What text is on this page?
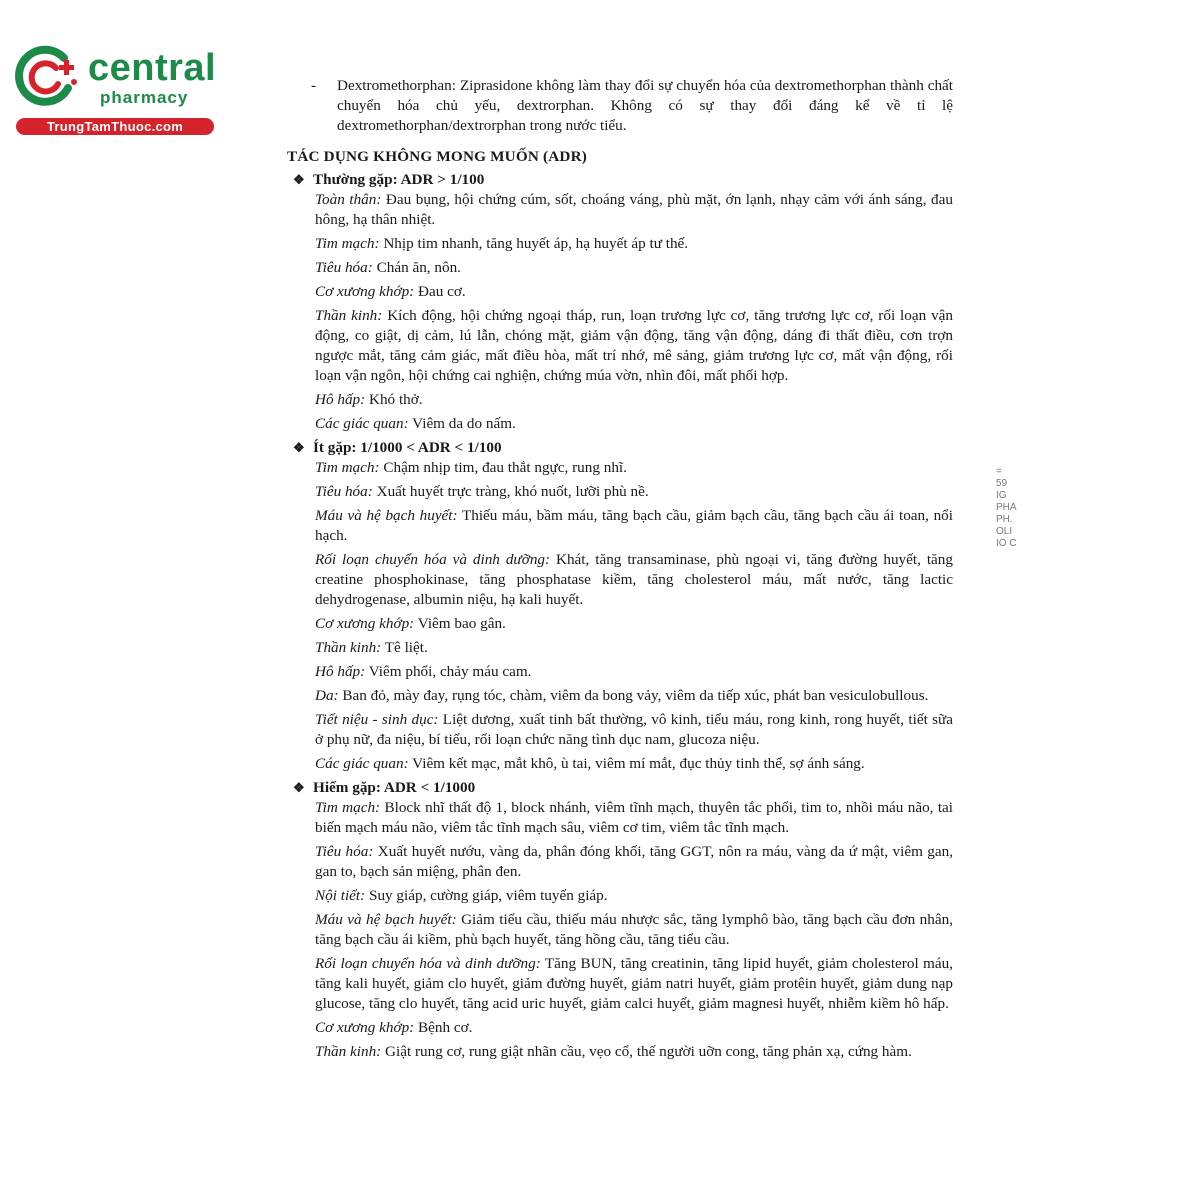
central
pharmacy
TrungTamThuoc.com
- Dextromethorphan: Ziprasidone không làm thay đổi sự chuyển hóa của dextromethorphan thành chất chuyển hóa chủ yếu, dextrorphan. Không có sự thay đổi đáng kể về tỉ lệ dextromethorphan/dextrorphan trong nước tiểu.
TÁC DỤNG KHÔNG MONG MUỐN (ADR)
❖ Thường gặp: ADR > 1/100
Toàn thân: Đau bụng, hội chứng cúm, sốt, choáng váng, phù mặt, ớn lạnh, nhạy cảm với ánh sáng, đau hông, hạ thân nhiệt.
Tim mạch: Nhịp tim nhanh, tăng huyết áp, hạ huyết áp tư thế.
Tiêu hóa: Chán ăn, nôn.
Cơ xương khớp: Đau cơ.
Thần kinh: Kích động, hội chứng ngoại tháp, run, loạn trương lực cơ, tăng trương lực cơ, rối loạn vận động, co giật, dị cảm, lú lẫn, chóng mặt, giảm vận động, tăng vận động, dáng đi thất điều, cơn trợn ngược mắt, tăng cảm giác, mất điều hòa, mất trí nhớ, mê sảng, giảm trương lực cơ, mất vận động, rối loạn vận ngôn, hội chứng cai nghiện, chứng múa vờn, nhìn đôi, mất phối hợp.
Hô hấp: Khó thở.
Các giác quan: Viêm da do nấm.
❖ Ít gặp: 1/1000 < ADR < 1/100
Tim mạch: Chậm nhịp tim, đau thắt ngực, rung nhĩ.
Tiêu hóa: Xuất huyết trực tràng, khó nuốt, lưỡi phù nề.
Máu và hệ bạch huyết: Thiếu máu, bầm máu, tăng bạch cầu, giảm bạch cầu, tăng bạch cầu ái toan, nổi hạch.
Rối loạn chuyển hóa và dinh dưỡng: Khát, tăng transaminase, phù ngoại vi, tăng đường huyết, tăng creatine phosphokinase, tăng phosphatase kiềm, tăng cholesterol máu, mất nước, tăng lactic dehydrogenase, albumin niệu, hạ kali huyết.
Cơ xương khớp: Viêm bao gân.
Thần kinh: Tê liệt.
Hô hấp: Viêm phổi, chảy máu cam.
Da: Ban đỏ, mày đay, rụng tóc, chàm, viêm da bong vảy, viêm da tiếp xúc, phát ban vesiculobullous.
Tiết niệu - sinh dục: Liệt dương, xuất tinh bất thường, vô kinh, tiểu máu, rong kinh, rong huyết, tiết sữa ở phụ nữ, đa niệu, bí tiểu, rối loạn chức năng tình dục nam, glucoza niệu.
Các giác quan: Viêm kết mạc, mắt khô, ù tai, viêm mí mắt, đục thủy tinh thể, sợ ánh sáng.
❖ Hiếm gặp: ADR < 1/1000
Tim mạch: Block nhĩ thất độ 1, block nhánh, viêm tĩnh mạch, thuyên tắc phổi, tim to, nhồi máu não, tai biến mạch máu não, viêm tắc tĩnh mạch sâu, viêm cơ tim, viêm tắc tĩnh mạch.
Tiêu hóa: Xuất huyết nướu, vàng da, phân đóng khối, tăng GGT, nôn ra máu, vàng da ứ mật, viêm gan, gan to, bạch sản miệng, phân đen.
Nội tiết: Suy giáp, cường giáp, viêm tuyến giáp.
Máu và hệ bạch huyết: Giảm tiểu cầu, thiếu máu nhược sắc, tăng lymphô bào, tăng bạch cầu đơn nhân, tăng bạch cầu ái kiềm, phù bạch huyết, tăng hồng cầu, tăng tiểu cầu.
Rối loạn chuyển hóa và dinh dưỡng: Tăng BUN, tăng creatinin, tăng lipid huyết, giảm cholesterol máu, tăng kali huyết, giảm clo huyết, giảm đường huyết, giảm natri huyết, giảm protêin huyết, giảm dung nạp glucose, tăng clo huyết, tăng acid uric huyết, giảm calci huyết, giảm magnesi huyết, nhiễm kiềm hô hấp.
Cơ xương khớp: Bệnh cơ.
Thần kinh: Giật rung cơ, rung giật nhãn cầu, vẹo cổ, thế người uỡn cong, tăng phản xạ, cứng hàm.
=
59
IG
PHẢ
PH.
OLI
IỒ C
